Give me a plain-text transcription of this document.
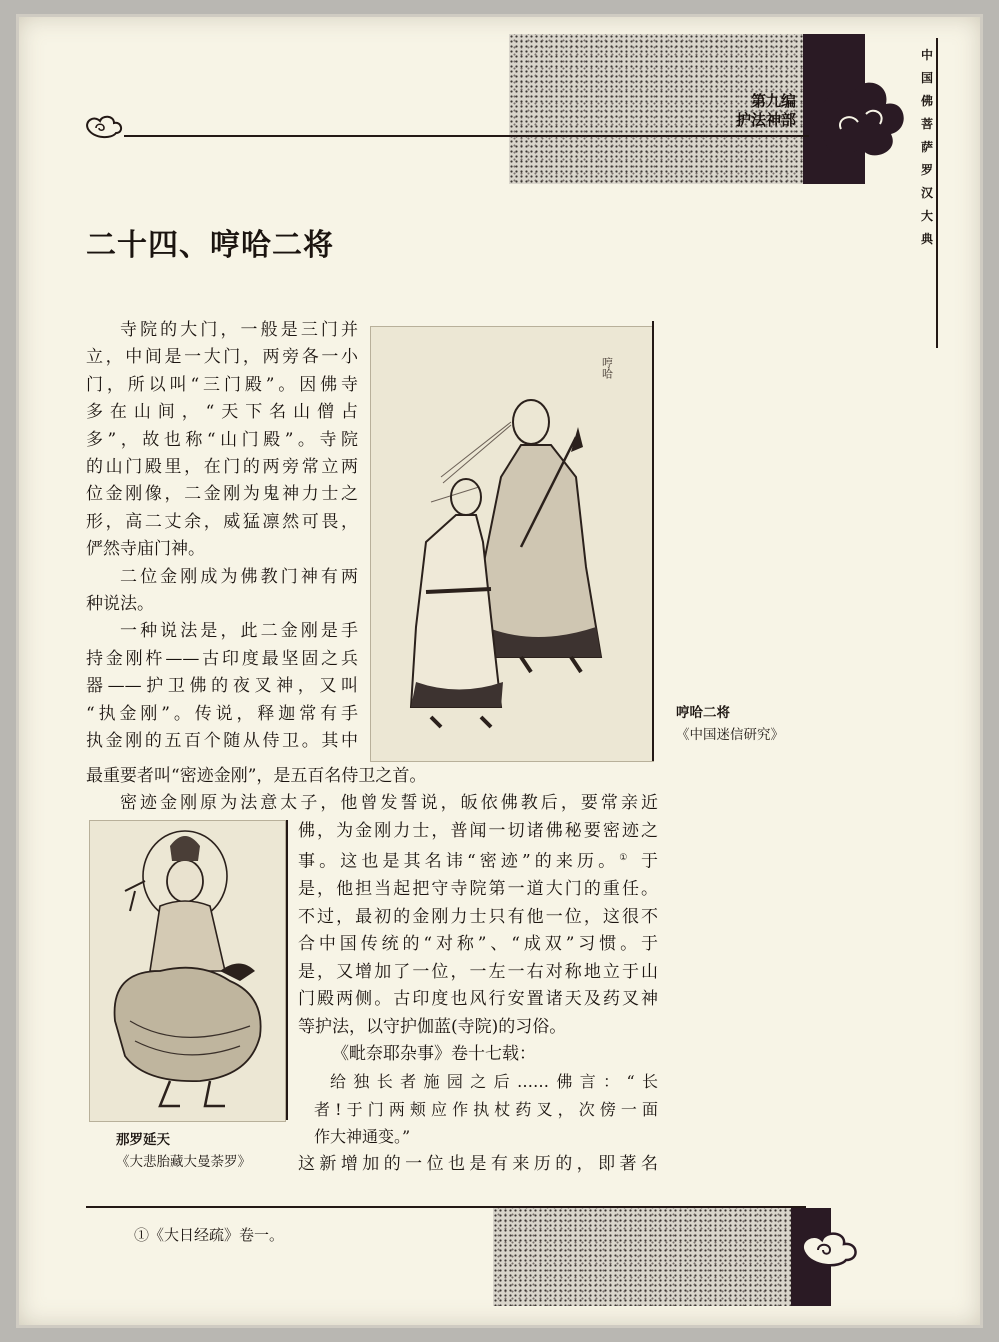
第九编
护法神部
中
国
佛
菩
萨
罗
汉
大
典
二十四、哼哈二将

寺院的大门，一般是三门并

立，中间是一大门，两旁各一小

门，所以叫“三门殿”。因佛寺

多在山间，“天下名山僧占

多”，故也称“山门殿”。寺院

的山门殿里，在门的两旁常立两

位金刚像，二金刚为鬼神力士之

形，高二丈余，威猛凛然可畏，

俨然寺庙门神。

二位金刚成为佛教门神有两

种说法。

一种说法是，此二金刚是手

持金刚杵——古印度最坚固之兵

器——护卫佛的夜叉神，又叫

“执金刚”。传说，释迦常有手

执金刚的五百个随从侍卫。其中

哼哈
哼哈二将
《中国迷信研究》

最重要者叫“密迹金刚”，是五百名侍卫之首。

密迹金刚原为法意太子，他曾发誓说，皈依佛教后，要常亲近

那罗延天
《大悲胎藏大曼荼罗》

佛，为金刚力士，普闻一切诸佛秘要密迹之

事。这也是其名讳“密迹”的来历。① 于

是，他担当起把守寺院第一道大门的重任。

不过，最初的金刚力士只有他一位，这很不

合中国传统的“对称”、“成双”习惯。于

是，又增加了一位，一左一右对称地立于山

门殿两侧。古印度也风行安置诸天及药叉神

等护法，以守护伽蓝(寺院)的习俗。

《毗奈耶杂事》卷十七载：

给独长者施园之后……佛言：“长

者!于门两颊应作执杖药叉，次傍一面

作大神通变。”

这新增加的一位也是有来历的，即著名

①《大日经疏》卷一。
